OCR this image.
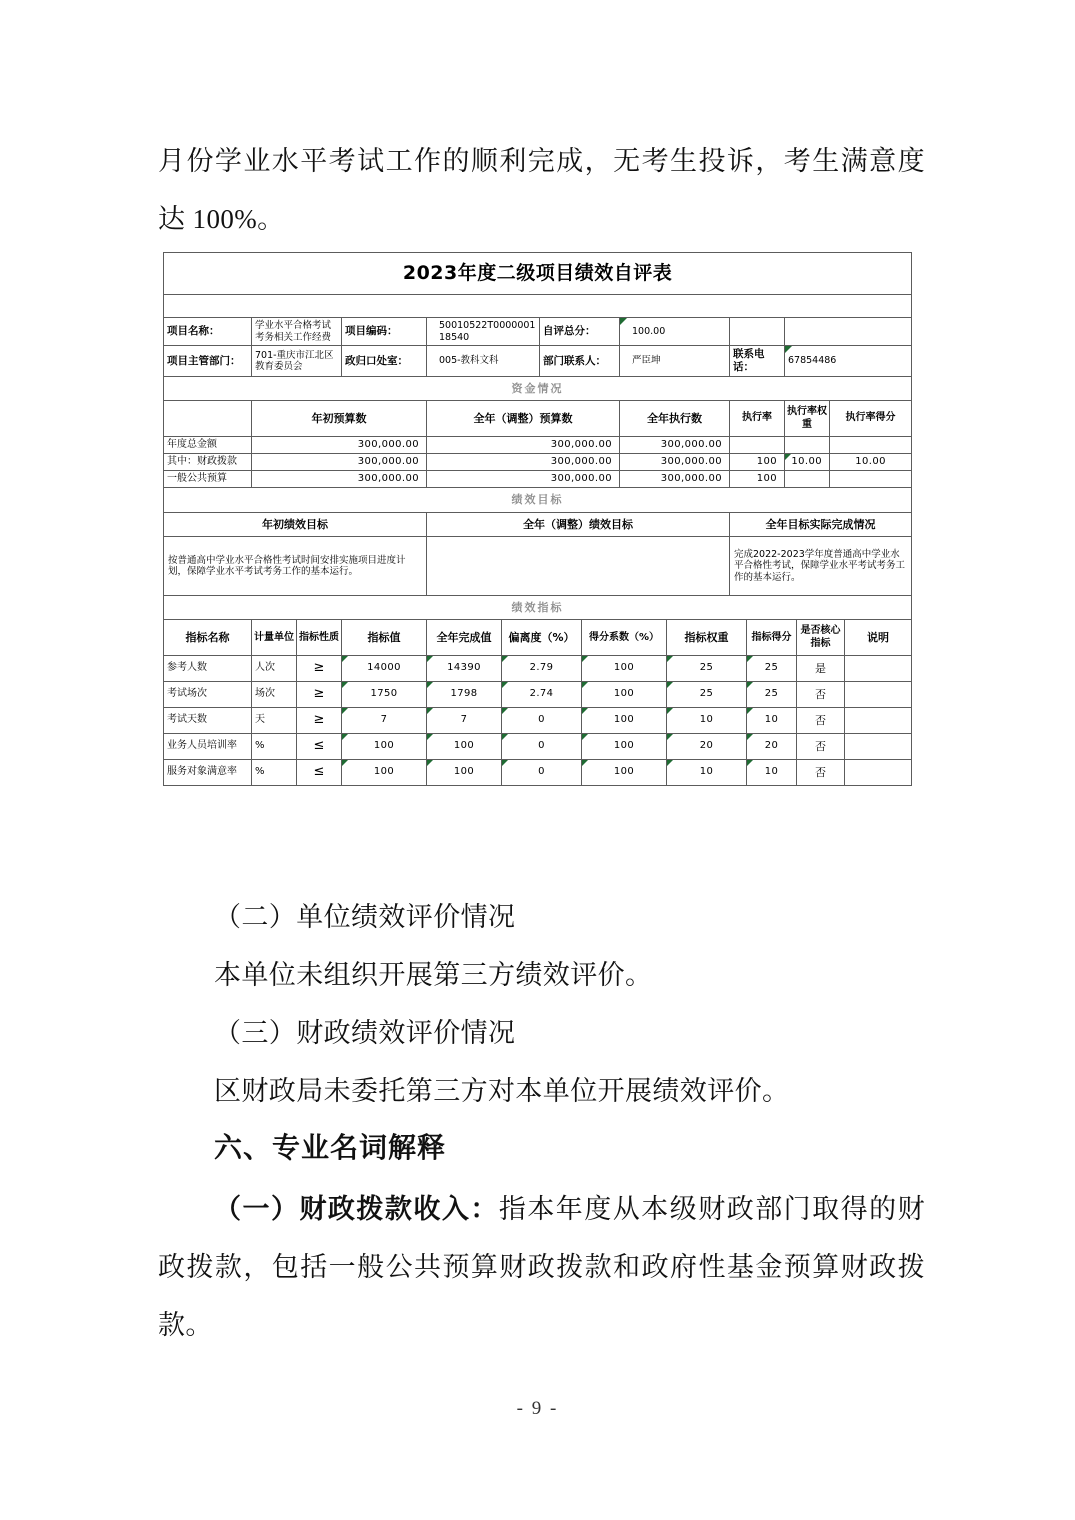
月份学业水平考试工作的顺利完成，无考生投诉，考生满意度达 100%。
2023年度二级项目绩效自评表								

项目名称：	学业水平合格考试考务相关工作经费	项目编码：	50010522T000000118540	自评总分：	100.00			
项目主管部门：	701-重庆市江北区教育委员会	政归口处室：	005-教科文科	部门联系人：	严臣坤	联系电话：	67854486	
资金情况								
	年初预算数		全年（调整）预算数		全年执行数	执行率	执行率权重	执行率得分
年度总金额	300,000.00		300,000.00		300,000.00			
其中：财政拨款	300,000.00		300,000.00		300,000.00	100	10.00	10.00
一般公共预算	300,000.00		300,000.00		300,000.00	100		
绩效目标								
年初绩效目标			全年（调整）绩效目标			全年目标实际完成情况		
按普通高中学业水平合格性考试时间安排实施项目进度计划，保障学业水平考试考务工作的基本运行。						完成2022-2023学年度普通高中学业水平合格性考试，保障学业水平考试考务工作的基本运行。		
绩效指标								
指标名称	计量单位	指标性质	指标值	全年完成值	偏离度（%）	得分系数（%）	指标权重	指标得分	是否核心指标	说明
参考人数	人次	≥	14000	14390	2.79	100	25	25	是	
考试场次	场次	≥	1750	1798	2.74	100	25	25	否	
考试天数	天	≥	7	7	0	100	10	10	否	
业务人员培训率	%	≤	100	100	0	100	20	20	否	
服务对象满意率	%	≤	100	100	0	100	10	10	否	
（二）单位绩效评价情况
本单位未组织开展第三方绩效评价。
（三）财政绩效评价情况
区财政局未委托第三方对本单位开展绩效评价。
六、专业名词解释
（一）财政拨款收入：指本年度从本级财政部门取得的财政拨款，包括一般公共预算财政拨款和政府性基金预算财政拨款。
- 9 -
